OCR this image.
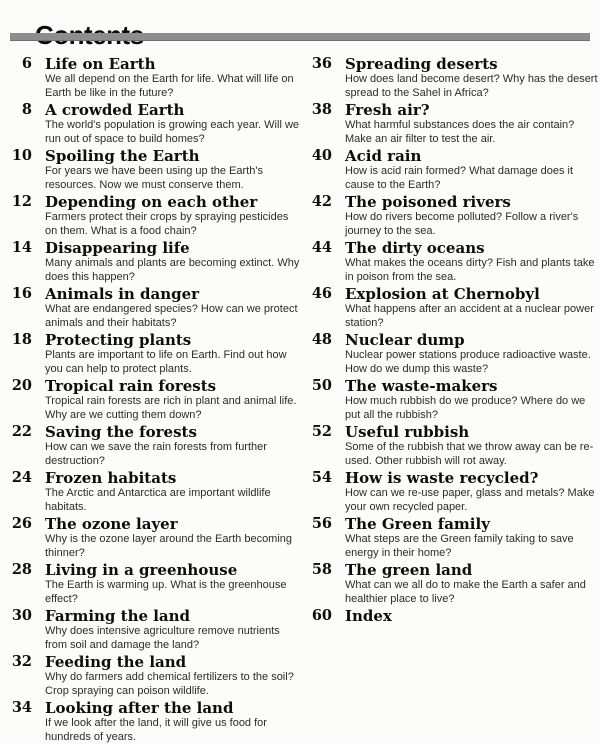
6 Life on Earth
We all depend on the Earth for life. What will life on Earth be like in the future?
8 A crowded Earth
The world's population is growing each year. Will we run out of space to build homes?
10 Spoiling the Earth
For years we have been using up the Earth's resources. Now we must conserve them.
12 Depending on each other
Farmers protect their crops by spraying pesticides on them. What is a food chain?
14 Disappearing life
Many animals and plants are becoming extinct. Why does this happen?
16 Animals in danger
What are endangered species? How can we protect animals and their habitats?
18 Protecting plants
Plants are important to life on Earth. Find out how you can help to protect plants.
20 Tropical rain forests
Tropical rain forests are rich in plant and animal life. Why are we cutting them down?
22 Saving the forests
How can we save the rain forests from further destruction?
24 Frozen habitats
The Arctic and Antarctica are important wildlife habitats.
26 The ozone layer
Why is the ozone layer around the Earth becoming thinner?
28 Living in a greenhouse
The Earth is warming up. What is the greenhouse effect?
30 Farming the land
Why does intensive agriculture remove nutrients from soil and damage the land?
32 Feeding the land
Why do farmers add chemical fertilizers to the soil? Crop spraying can poison wildlife.
34 Looking after the land
If we look after the land, it will give us food for hundreds of years.
36 Spreading deserts
How does land become desert? Why has the desert spread to the Sahel in Africa?
38 Fresh air?
What harmful substances does the air contain? Make an air filter to test the air.
40 Acid rain
How is acid rain formed? What damage does it cause to the Earth?
42 The poisoned rivers
How do rivers become polluted? Follow a river's journey to the sea.
44 The dirty oceans
What makes the oceans dirty? Fish and plants take in poison from the sea.
46 Explosion at Chernobyl
What happens after an accident at a nuclear power station?
48 Nuclear dump
Nuclear power stations produce radioactive waste. How do we dump this waste?
50 The waste-makers
How much rubbish do we produce? Where do we put all the rubbish?
52 Useful rubbish
Some of the rubbish that we throw away can be re-used. Other rubbish will rot away.
54 How is waste recycled?
How can we re-use paper, glass and metals? Make your own recycled paper.
56 The Green family
What steps are the Green family taking to save energy in their home?
58 The green land
What can we all do to make the Earth a safer and healthier place to live?
60 Index
